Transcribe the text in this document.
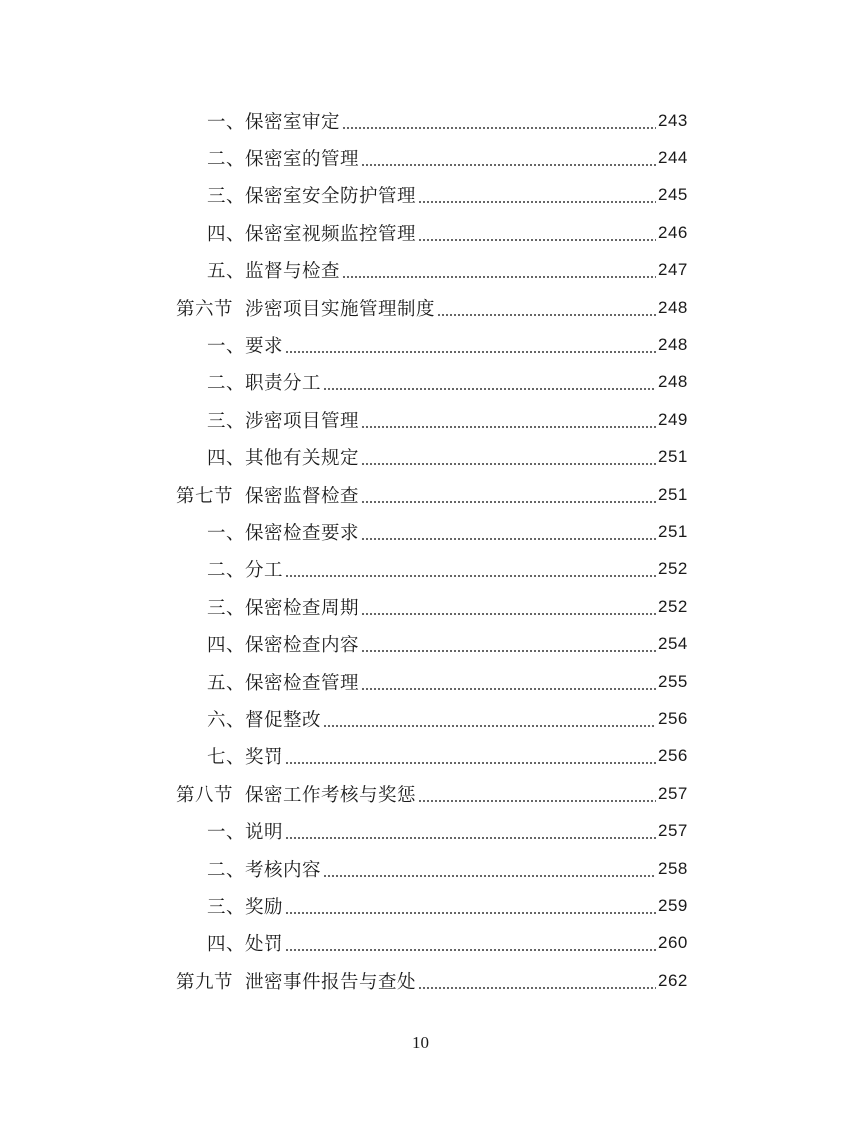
一、保密室审定	243
二、保密室的管理	244
三、保密室安全防护管理	245
四、保密室视频监控管理	246
五、监督与检查	247
第六节 涉密项目实施管理制度	248
一、要求	248
二、职责分工	248
三、涉密项目管理	249
四、其他有关规定	251
第七节 保密监督检查	251
一、保密检查要求	251
二、分工	252
三、保密检查周期	252
四、保密检查内容	254
五、保密检查管理	255
六、督促整改	256
七、奖罚	256
第八节 保密工作考核与奖惩	257
一、说明	257
二、考核内容	258
三、奖励	259
四、处罚	260
第九节 泄密事件报告与查处	262
10
